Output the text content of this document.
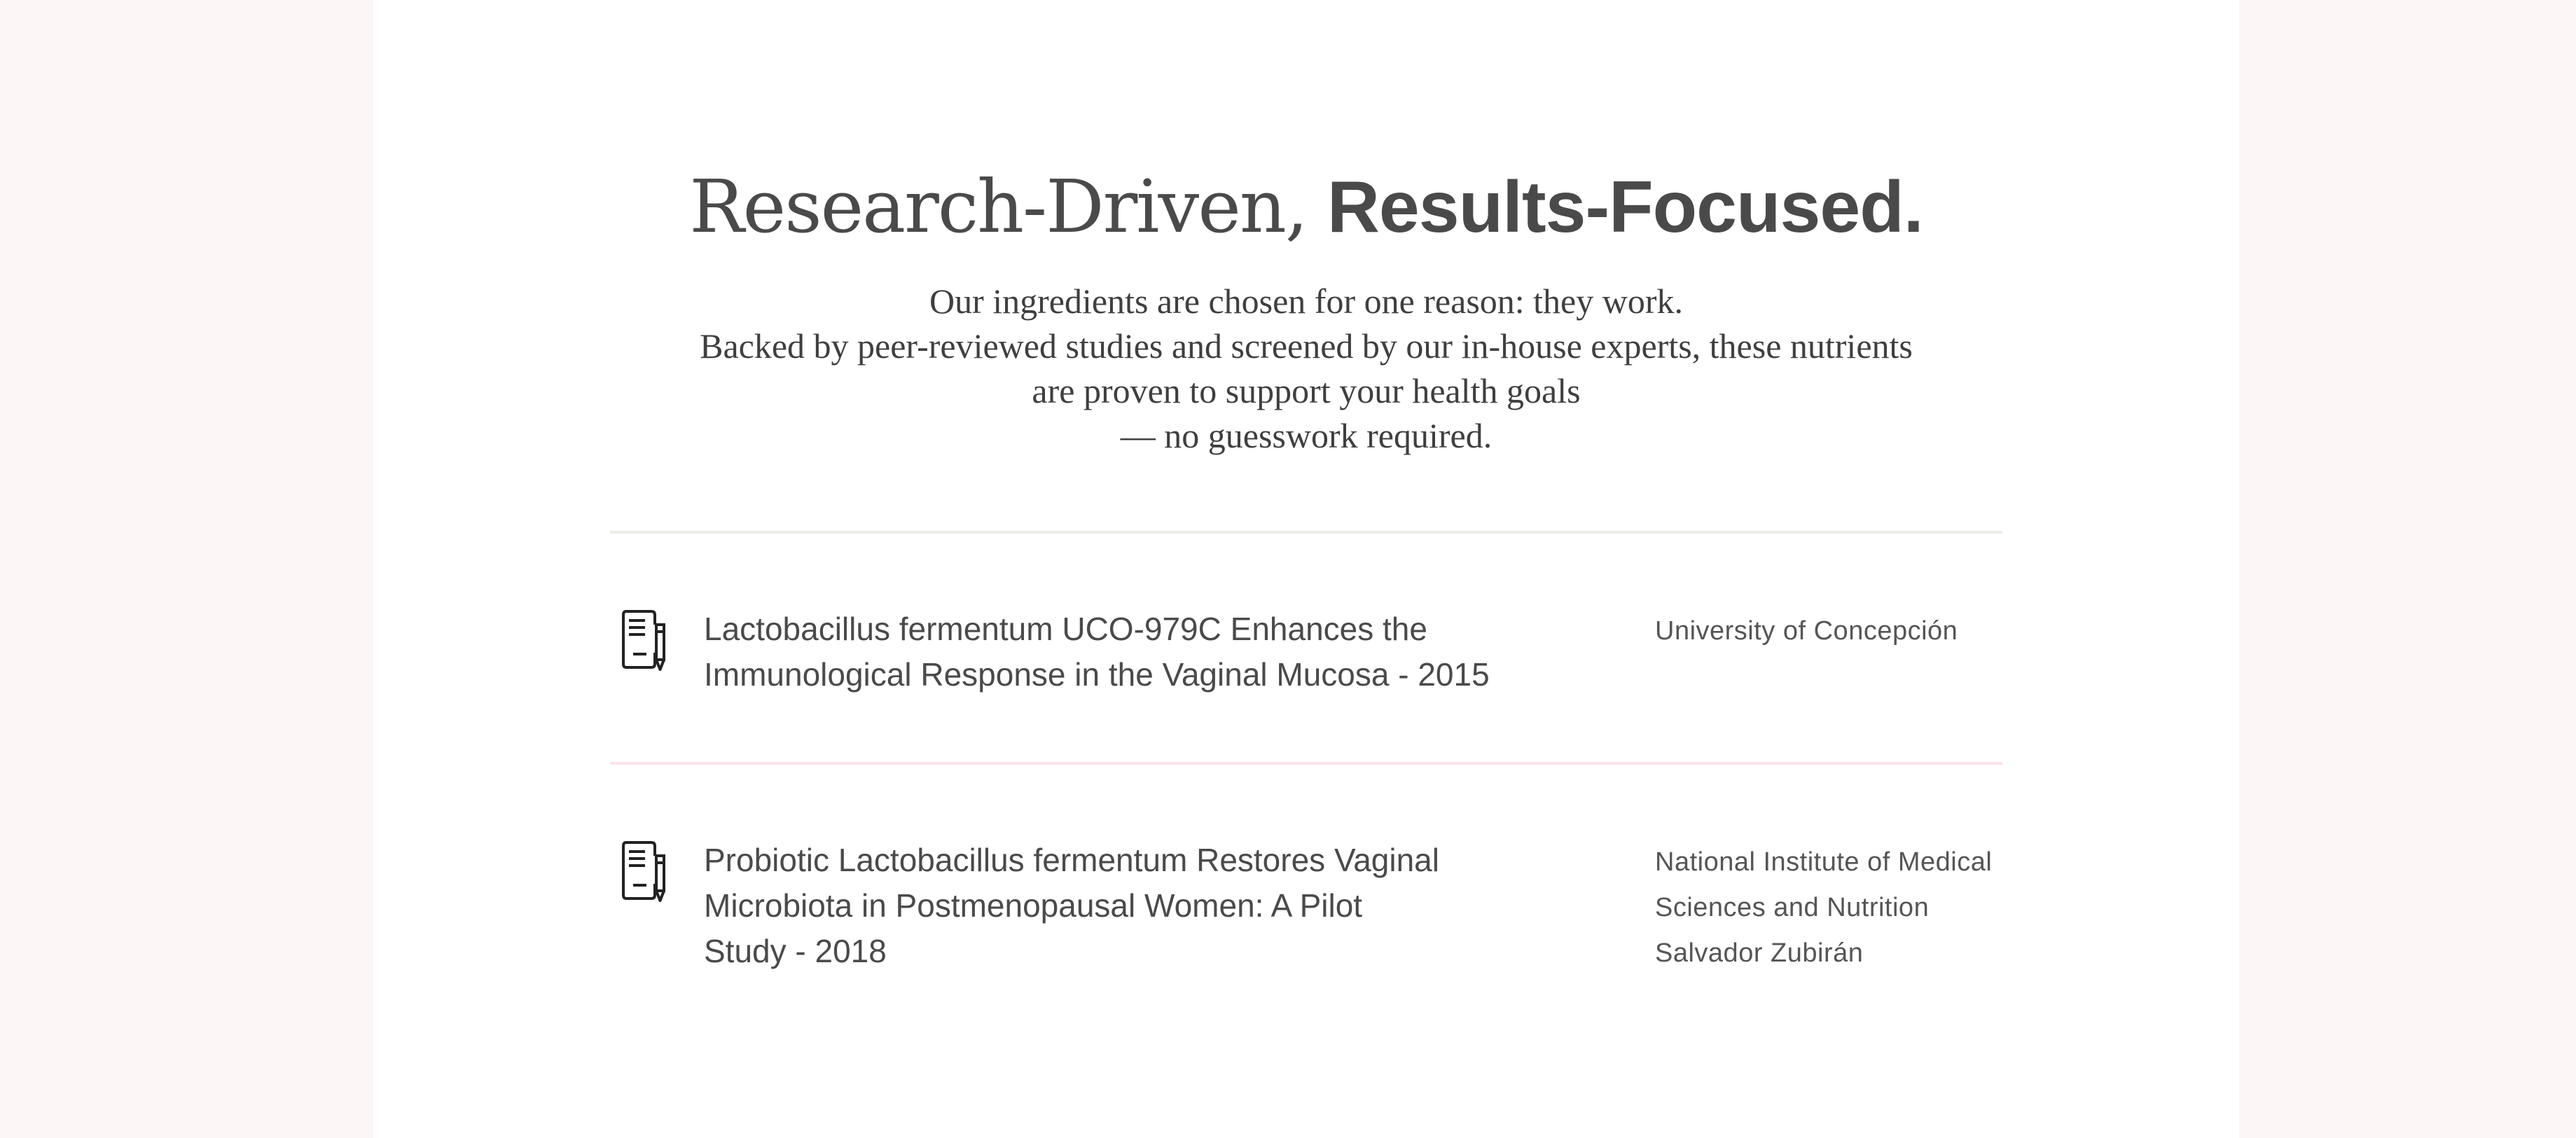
Research-Driven, Results-Focused.
Our ingredients are chosen for one reason: they work.
Backed by peer-reviewed studies and screened by our in-house experts, these nutrients
are proven to support your health goals
— no guesswork required.
Lactobacillus fermentum UCO-979C Enhances the
Immunological Response in the Vaginal Mucosa - 2015
University of Concepción
Probiotic Lactobacillus fermentum Restores Vaginal
Microbiota in Postmenopausal Women: A Pilot
Study - 2018
National Institute of Medical
Sciences and Nutrition
Salvador Zubirán
